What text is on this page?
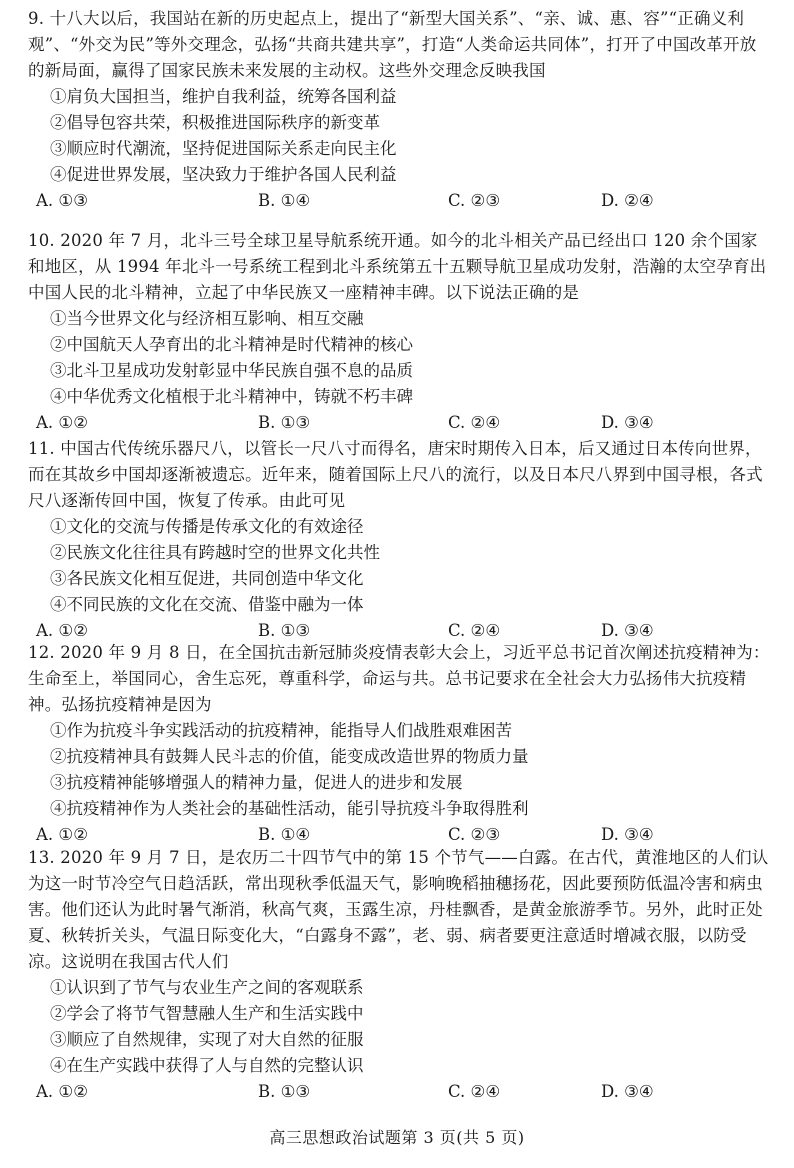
9. 十八大以后，我国站在新的历史起点上，提出了“新型大国关系”、“亲、诚、惠、容”“正确义利观”、“外交为民”等外交理念，弘扬“共商共建共享”，打造“人类命运共同体”，打开了中国改革开放的新局面，赢得了国家民族未来发展的主动权。这些外交理念反映我国

①肩负大国担当，维护自我利益，统筹各国利益

②倡导包容共荣，积极推进国际秩序的新变革

③顺应时代潮流，坚持促进国际关系走向民主化

④促进世界发展，坚决致力于维护各国人民利益

A. ①③	B. ①④	C. ②③	D. ②④

10. 2020 年 7 月，北斗三号全球卫星导航系统开通。如今的北斗相关产品已经出口 120 余个国家和地区，从 1994 年北斗一号系统工程到北斗系统第五十五颗导航卫星成功发射，浩瀚的太空孕育出中国人民的北斗精神，立起了中华民族又一座精神丰碑。以下说法正确的是

①当今世界文化与经济相互影响、相互交融

②中国航天人孕育出的北斗精神是时代精神的核心

③北斗卫星成功发射彰显中华民族自强不息的品质

④中华优秀文化植根于北斗精神中，铸就不朽丰碑

A. ①②	B. ①③	C. ②④	D. ③④

11. 中国古代传统乐器尺八，以管长一尺八寸而得名，唐宋时期传入日本，后又通过日本传向世界，而在其故乡中国却逐渐被遗忘。近年来，随着国际上尺八的流行，以及日本尺八界到中国寻根，各式尺八逐渐传回中国，恢复了传承。由此可见

①文化的交流与传播是传承文化的有效途径

②民族文化往往具有跨越时空的世界文化共性

③各民族文化相互促进，共同创造中华文化

④不同民族的文化在交流、借鉴中融为一体

A. ①②	B. ①③	C. ②④	D. ③④

12. 2020 年 9 月 8 日，在全国抗击新冠肺炎疫情表彰大会上，习近平总书记首次阐述抗疫精神为：生命至上，举国同心，舍生忘死，尊重科学，命运与共。总书记要求在全社会大力弘扬伟大抗疫精神。弘扬抗疫精神是因为

①作为抗疫斗争实践活动的抗疫精神，能指导人们战胜艰难困苦

②抗疫精神具有鼓舞人民斗志的价值，能变成改造世界的物质力量

③抗疫精神能够增强人的精神力量，促进人的进步和发展

④抗疫精神作为人类社会的基础性活动，能引导抗疫斗争取得胜利

A. ①②	B. ①④	C. ②③	D. ③④

13. 2020 年 9 月 7 日，是农历二十四节气中的第 15 个节气——白露。在古代，黄淮地区的人们认为这一时节冷空气日趋活跃，常出现秋季低温天气，影响晚稻抽穗扬花，因此要预防低温冷害和病虫害。他们还认为此时暑气渐消，秋高气爽，玉露生凉，丹桂飘香，是黄金旅游季节。另外，此时正处夏、秋转折关头，气温日际变化大，“白露身不露”，老、弱、病者要更注意适时增减衣服，以防受凉。这说明在我国古代人们

①认识到了节气与农业生产之间的客观联系

②学会了将节气智慧融人生产和生活实践中

③顺应了自然规律，实现了对大自然的征服

④在生产实践中获得了人与自然的完整认识

A. ①②	B. ①③	C. ②④	D. ③④
高三思想政治试题第 3 页(共 5 页)
